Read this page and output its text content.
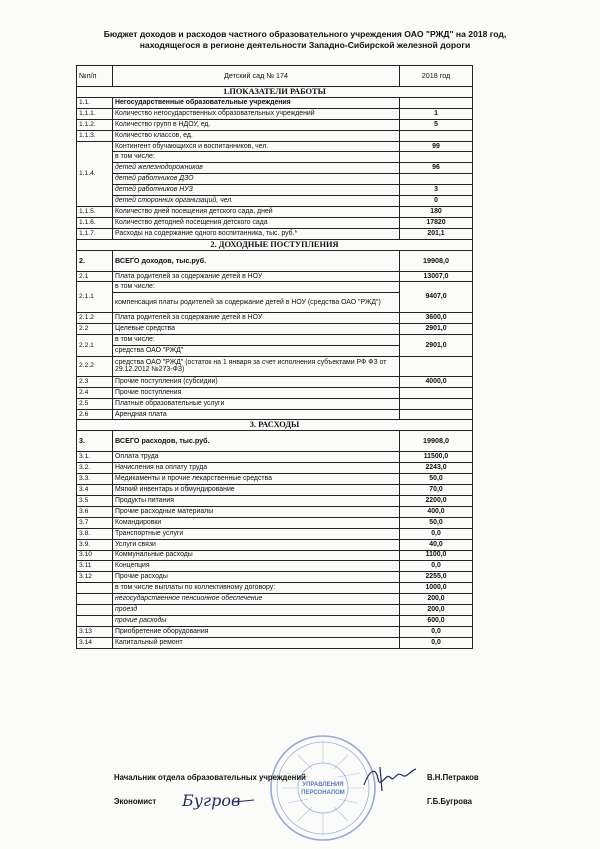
Бюджет доходов и расходов частного образовательного учреждения ОАО "РЖД" на 2018 год,
находящегося в регионе деятельности Западно-Сибирской железной дороги
№п/п	Детский сад № 174	2018 год
1.ПОКАЗАТЕЛИ РАБОТЫ		
1.1.	Негосударственные образовательные учреждения	
1.1.1.	Количество негосударственных образовательных учреждений	1
1.1.2.	Количество групп в НДОУ, ед.	5
1.1.3.	Количество классов, ед.	
1.1.4.	Контингент обучающихся и воспитанников, чел.	99
	в том числе:	
	детей железнодорожников	96
	детей работников ДЗО	
	детей работников НУЗ	3
	детей сторонних организаций, чел.	0
1.1.5.	Количество дней посещения детского сада, дней	180
1.1.6.	Количество детодней посещения детского сада	17820
1.1.7.	Расходы на содержание одного воспитанника, тыс. руб.*	201,1
2. ДОХОДНЫЕ ПОСТУПЛЕНИЯ		
2.	ВСЕГО доходов, тыс.руб.	19908,0
2.1	Плата родителей за содержание детей в НОУ	13007,0
2.1.1	в том числе:	9407,0
	компенсация платы родителей за содержание детей в НОУ (средства ОАО "РЖД")	
2.1.2	Плата родителей за содержание детей в НОУ	3600,0
2.2	Целевые средства	2901,0
2.2.1	в том числе:	2901,0
	средства ОАО "РЖД"	
2.2.2	средства ОАО "РЖД" (остаток на 1 января за счет исполнения субъектами РФ ФЗ от 29.12.2012 №273-ФЗ)	
2.3	Прочие поступления (субсидии)	4000,0
2.4	Прочие поступления	
2.5	Платные образовательные услуги	
2.6	Арендная плата	
3. РАСХОДЫ		
3.	ВСЕГО расходов, тыс.руб.	19908,0
3.1.	Оплата труда	11500,0
3.2.	Начисления на оплату труда	2243,0
3.3.	Медикаменты и прочие лекарственные средства	50,0
3.4	Мягкий инвентарь и обмундирование	70,0
3.5	Продукты питания	2200,0
3.6	Прочие расходные материалы	400,0
3.7	Командировки	50,0
3.8.	Транспортные услуги	0,0
3.9.	Услуги связи	40,0
3.10	Коммунальные расходы	1100,0
3.11	Концепция	0,0
3.12	Прочие расходы	2255,0
	в том числе выплаты по коллективному договору:	1000,0
	негосударственное пенсионное обеспечение	200,0
	проезд	200,0
	прочие расходы	600,0
3.13	Приобретение оборудования	0,0
3.14	Капитальный ремонт	0,0
УПРАВЛЕНИЯ
ПЕРСОНАЛОМ
Начальник отдела образовательных учреждений	В.Н.Петраков
Экономист	Г.Б.Бугрова
Бугров
